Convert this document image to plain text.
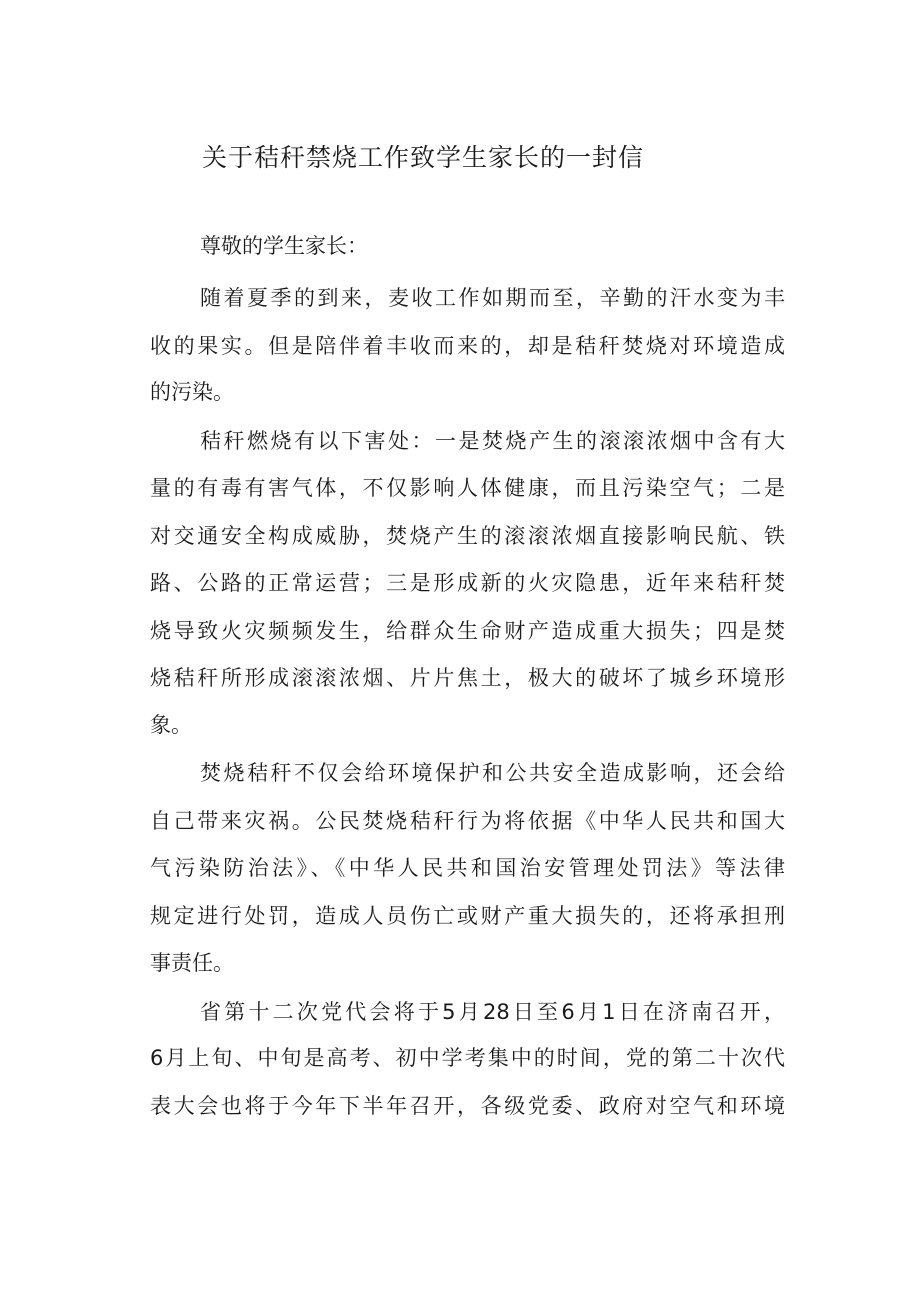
关于秸秆禁烧工作致学生家长的一封信

尊敬的学生家长：

随着夏季的到来，麦收工作如期而至，辛勤的汗水变为丰

收的果实。但是陪伴着丰收而来的，却是秸秆焚烧对环境造成

的污染。

秸秆燃烧有以下害处：一是焚烧产生的滚滚浓烟中含有大

量的有毒有害气体，不仅影响人体健康，而且污染空气；二是

对交通安全构成威胁，焚烧产生的滚滚浓烟直接影响民航、铁

路、公路的正常运营；三是形成新的火灾隐患，近年来秸秆焚

烧导致火灾频频发生，给群众生命财产造成重大损失；四是焚

烧秸秆所形成滚滚浓烟、片片焦土，极大的破坏了城乡环境形

象。

焚烧秸秆不仅会给环境保护和公共安全造成影响，还会给

自己带来灾祸。公民焚烧秸秆行为将依据《中华人民共和国大

气污染防治法》、《中华人民共和国治安管理处罚法》等法律

规定进行处罚，造成人员伤亡或财产重大损失的，还将承担刑

事责任。

省第十二次党代会将于5月28日至6月1日在济南召开，

6月上旬、中旬是高考、初中学考集中的时间，党的第二十次代

表大会也将于今年下半年召开，各级党委、政府对空气和环境
